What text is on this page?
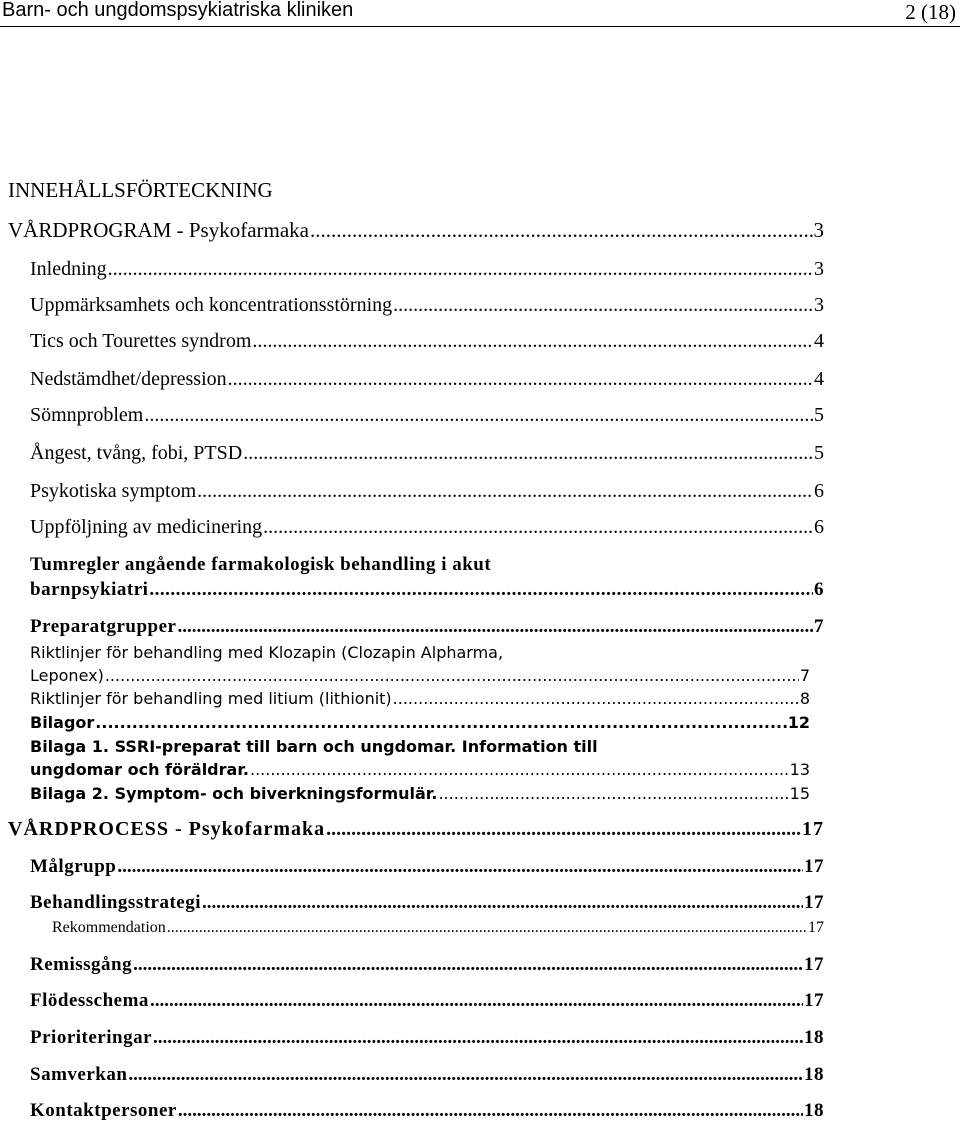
Barn- och ungdomspsykiatriska kliniken	2 (18)
INNEHÅLLSFÖRTECKNING
VÅRDPROGRAM - Psykofarmaka .....	3
Inledning .....	3
Uppmärksamhets och koncentrationsstörning .....	3
Tics och Tourettes syndrom .....	4
Nedstämdhet/depression .....	4
Sömnproblem .....	5
Ångest, tvång, fobi, PTSD .....	5
Psykotiska symptom .....	6
Uppföljning av medicinering .....	6
Tumregler angående farmakologisk behandling i akut
barnpsykiatri .....	6
Preparatgrupper .....	7
Riktlinjer för behandling med Klozapin (Clozapin Alpharma,
Leponex) .....	7
Riktlinjer för behandling med litium (lithionit) .....	8
Bilagor .....	12
Bilaga 1. SSRI-preparat till barn och ungdomar. Information till
ungdomar och föräldrar. .....	13
Bilaga 2. Symptom- och biverkningsformulär. .....	15
VÅRDPROCESS - Psykofarmaka .....	17
Målgrupp .....	17
Behandlingsstrategi .....	17
Rekommendation .....	17
Remissgång .....	17
Flödesschema .....	17
Prioriteringar .....	18
Samverkan .....	18
Kontaktpersoner .....	18
